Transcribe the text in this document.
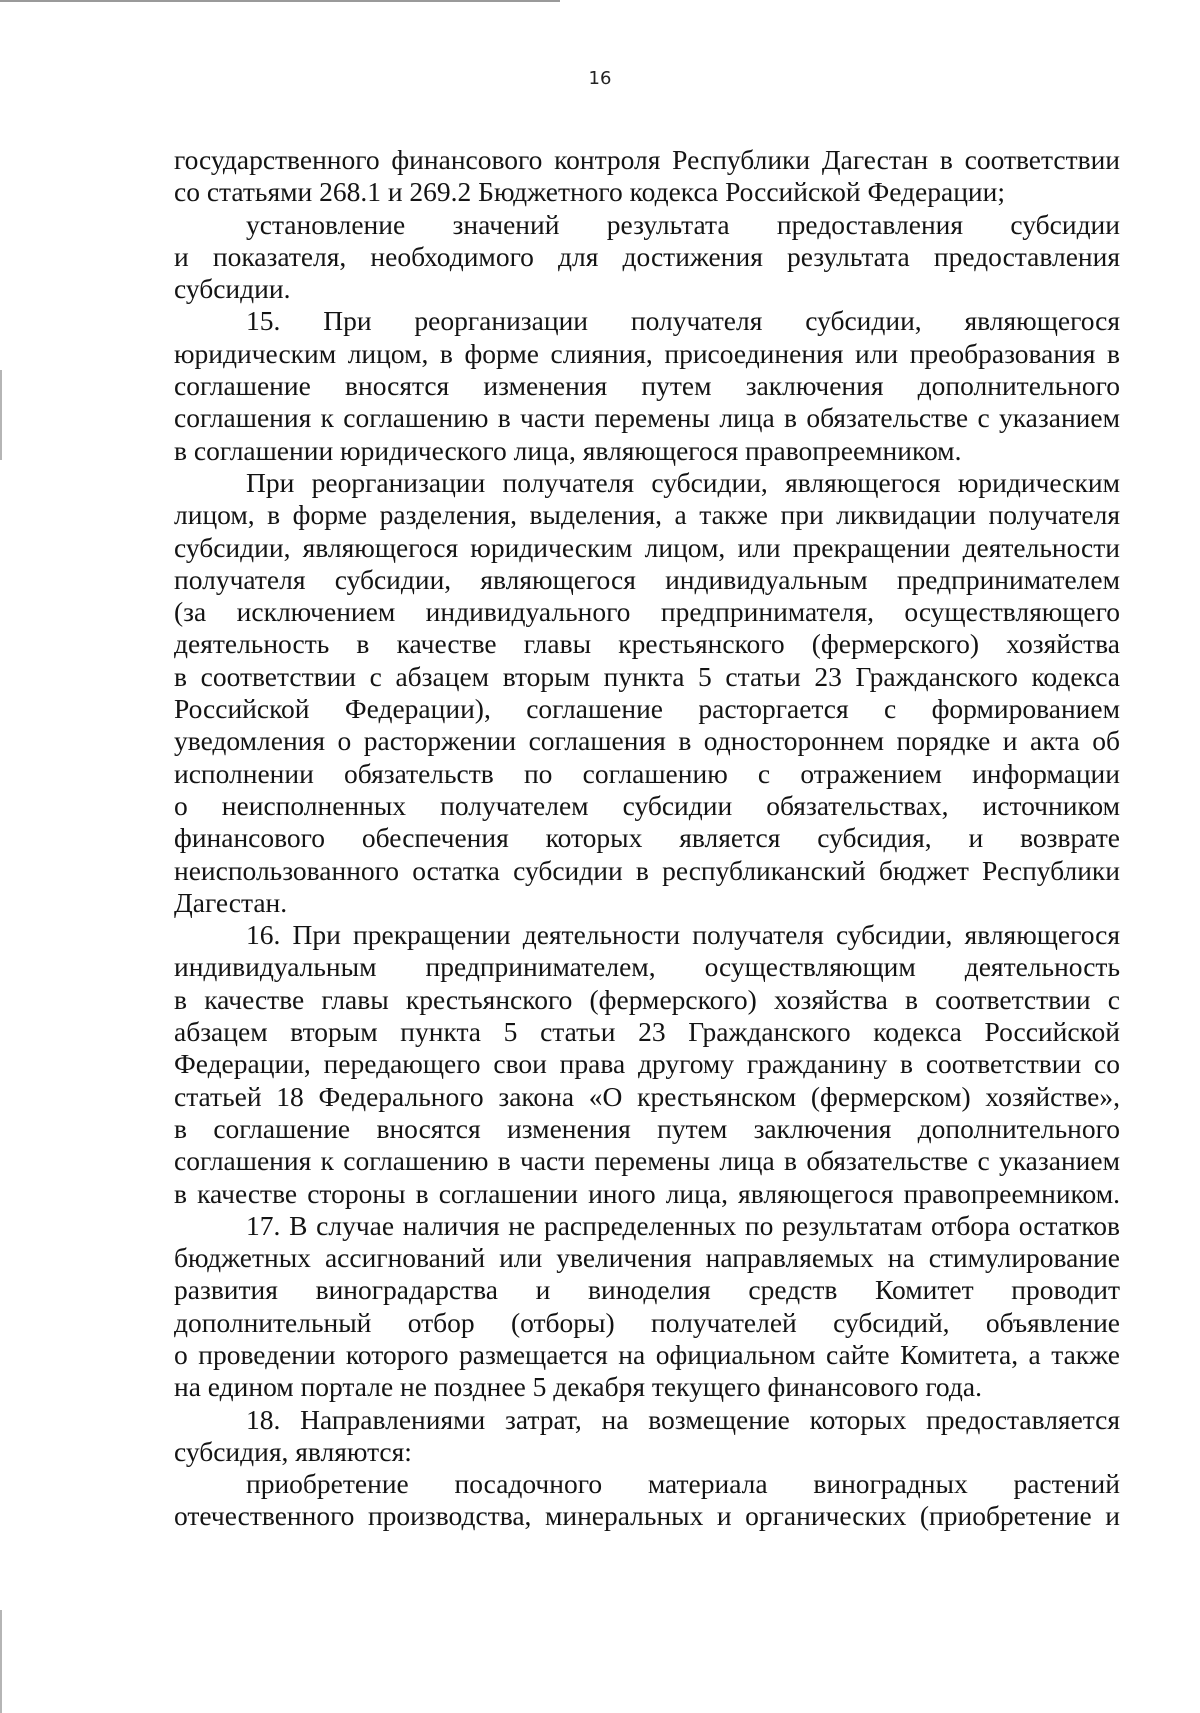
16
государственного финансового контроля Республики Дагестан в соответствии
со статьями 268.1 и 269.2 Бюджетного кодекса Российской Федерации;
установление значений результата предоставления субсидии
и показателя, необходимого для достижения результата предоставления
субсидии.
15. При реорганизации получателя субсидии, являющегося
юридическим лицом, в форме слияния, присоединения или преобразования в
соглашение вносятся изменения путем заключения дополнительного
соглашения к соглашению в части перемены лица в обязательстве с указанием
в соглашении юридического лица, являющегося правопреемником.
При реорганизации получателя субсидии, являющегося юридическим
лицом, в форме разделения, выделения, а также при ликвидации получателя
субсидии, являющегося юридическим лицом, или прекращении деятельности
получателя субсидии, являющегося индивидуальным предпринимателем
(за исключением индивидуального предпринимателя, осуществляющего
деятельность в качестве главы крестьянского (фермерского) хозяйства
в соответствии с абзацем вторым пункта 5 статьи 23 Гражданского кодекса
Российской Федерации), соглашение расторгается с формированием
уведомления о расторжении соглашения в одностороннем порядке и акта об
исполнении обязательств по соглашению с отражением информации
о неисполненных получателем субсидии обязательствах, источником
финансового обеспечения которых является субсидия, и возврате
неиспользованного остатка субсидии в республиканский бюджет Республики
Дагестан.
16. При прекращении деятельности получателя субсидии, являющегося
индивидуальным предпринимателем, осуществляющим деятельность
в качестве главы крестьянского (фермерского) хозяйства в соответствии с
абзацем вторым пункта 5 статьи 23 Гражданского кодекса Российской
Федерации, передающего свои права другому гражданину в соответствии со
статьей 18 Федерального закона «О крестьянском (фермерском) хозяйстве»,
в соглашение вносятся изменения путем заключения дополнительного
соглашения к соглашению в части перемены лица в обязательстве с указанием
в качестве стороны в соглашении иного лица, являющегося правопреемником.
17. В случае наличия не распределенных по результатам отбора остатков
бюджетных ассигнований или увеличения направляемых на стимулирование
развития виноградарства и виноделия средств Комитет проводит
дополнительный отбор (отборы) получателей субсидий, объявление
о проведении которого размещается на официальном сайте Комитета, а также
на едином портале не позднее 5 декабря текущего финансового года.
18. Направлениями затрат, на возмещение которых предоставляется
субсидия, являются:
приобретение посадочного материала виноградных растений
отечественного производства, минеральных и органических (приобретение и
